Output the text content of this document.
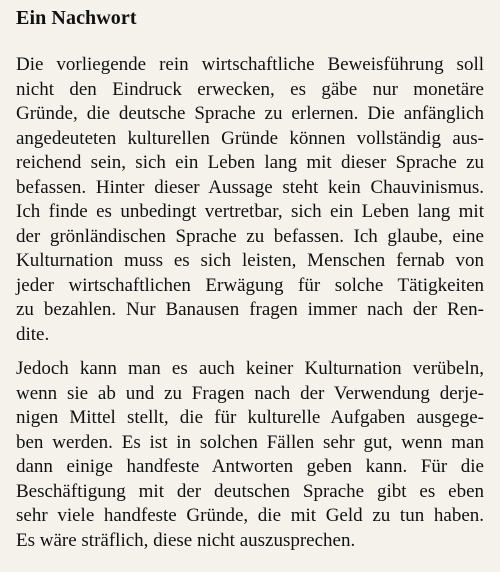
Ein Nachwort
Die vorliegende rein wirtschaftliche Beweisführung soll
nicht den Eindruck erwecken, es gäbe nur monetäre
Gründe, die deutsche Sprache zu erlernen. Die anfänglich
angedeuteten kulturellen Gründe können vollständig aus-
reichend sein, sich ein Leben lang mit dieser Sprache zu
befassen. Hinter dieser Aussage steht kein Chauvinismus.
Ich finde es unbedingt vertretbar, sich ein Leben lang mit
der grönländischen Sprache zu befassen. Ich glaube, eine
Kulturnation muss es sich leisten, Menschen fernab von
jeder wirtschaftlichen Erwägung für solche Tätigkeiten
zu bezahlen. Nur Banausen fragen immer nach der Ren-
dite.
Jedoch kann man es auch keiner Kulturnation verübeln,
wenn sie ab und zu Fragen nach der Verwendung derje-
nigen Mittel stellt, die für kulturelle Aufgaben ausgege-
ben werden. Es ist in solchen Fällen sehr gut, wenn man
dann einige handfeste Antworten geben kann. Für die
Beschäftigung mit der deutschen Sprache gibt es eben
sehr viele handfeste Gründe, die mit Geld zu tun haben.
Es wäre sträflich, diese nicht auszusprechen.
